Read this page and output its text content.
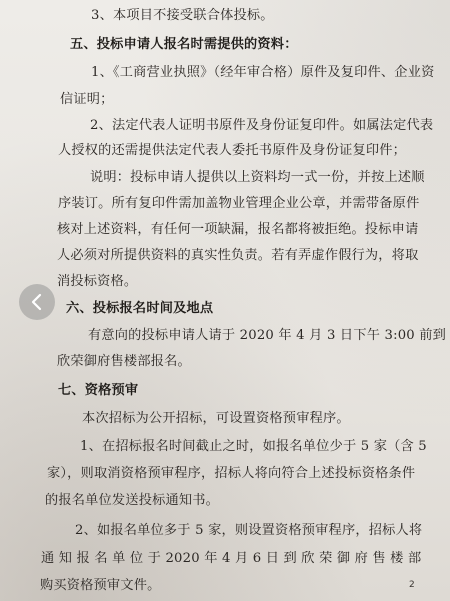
3、本项目不接受联合体投标。
五、投标申请人报名时需提供的资料：
1、《工商营业执照》（经年审合格）原件及复印件、企业资
信证明；
2、法定代表人证明书原件及身份证复印件。如属法定代表
人授权的还需提供法定代表人委托书原件及身份证复印件；
说明：投标申请人提供以上资料均一式一份，并按上述顺
序装订。所有复印件需加盖物业管理企业公章，并需带备原件
核对上述资料，有任何一项缺漏，报名都将被拒绝。投标申请
人必须对所提供资料的真实性负责。若有弄虚作假行为，将取
消投标资格。
六、投标报名时间及地点
有意向的投标申请人请于 2020 年 4 月 3 日下午 3:00 前到
欣荣御府售楼部报名。
七、资格预审
本次招标为公开招标，可设置资格预审程序。
1、在招标报名时间截止之时，如报名单位少于 5 家（含 5
家），则取消资格预审程序，招标人将向符合上述投标资格条件
的报名单位发送投标通知书。
2、如报名单位多于 5 家，则设置资格预审程序，招标人将
通 知 报 名 单 位 于 2020 年 4 月 6 日 到 欣 荣 御 府 售 楼 部
购买资格预审文件。	2
